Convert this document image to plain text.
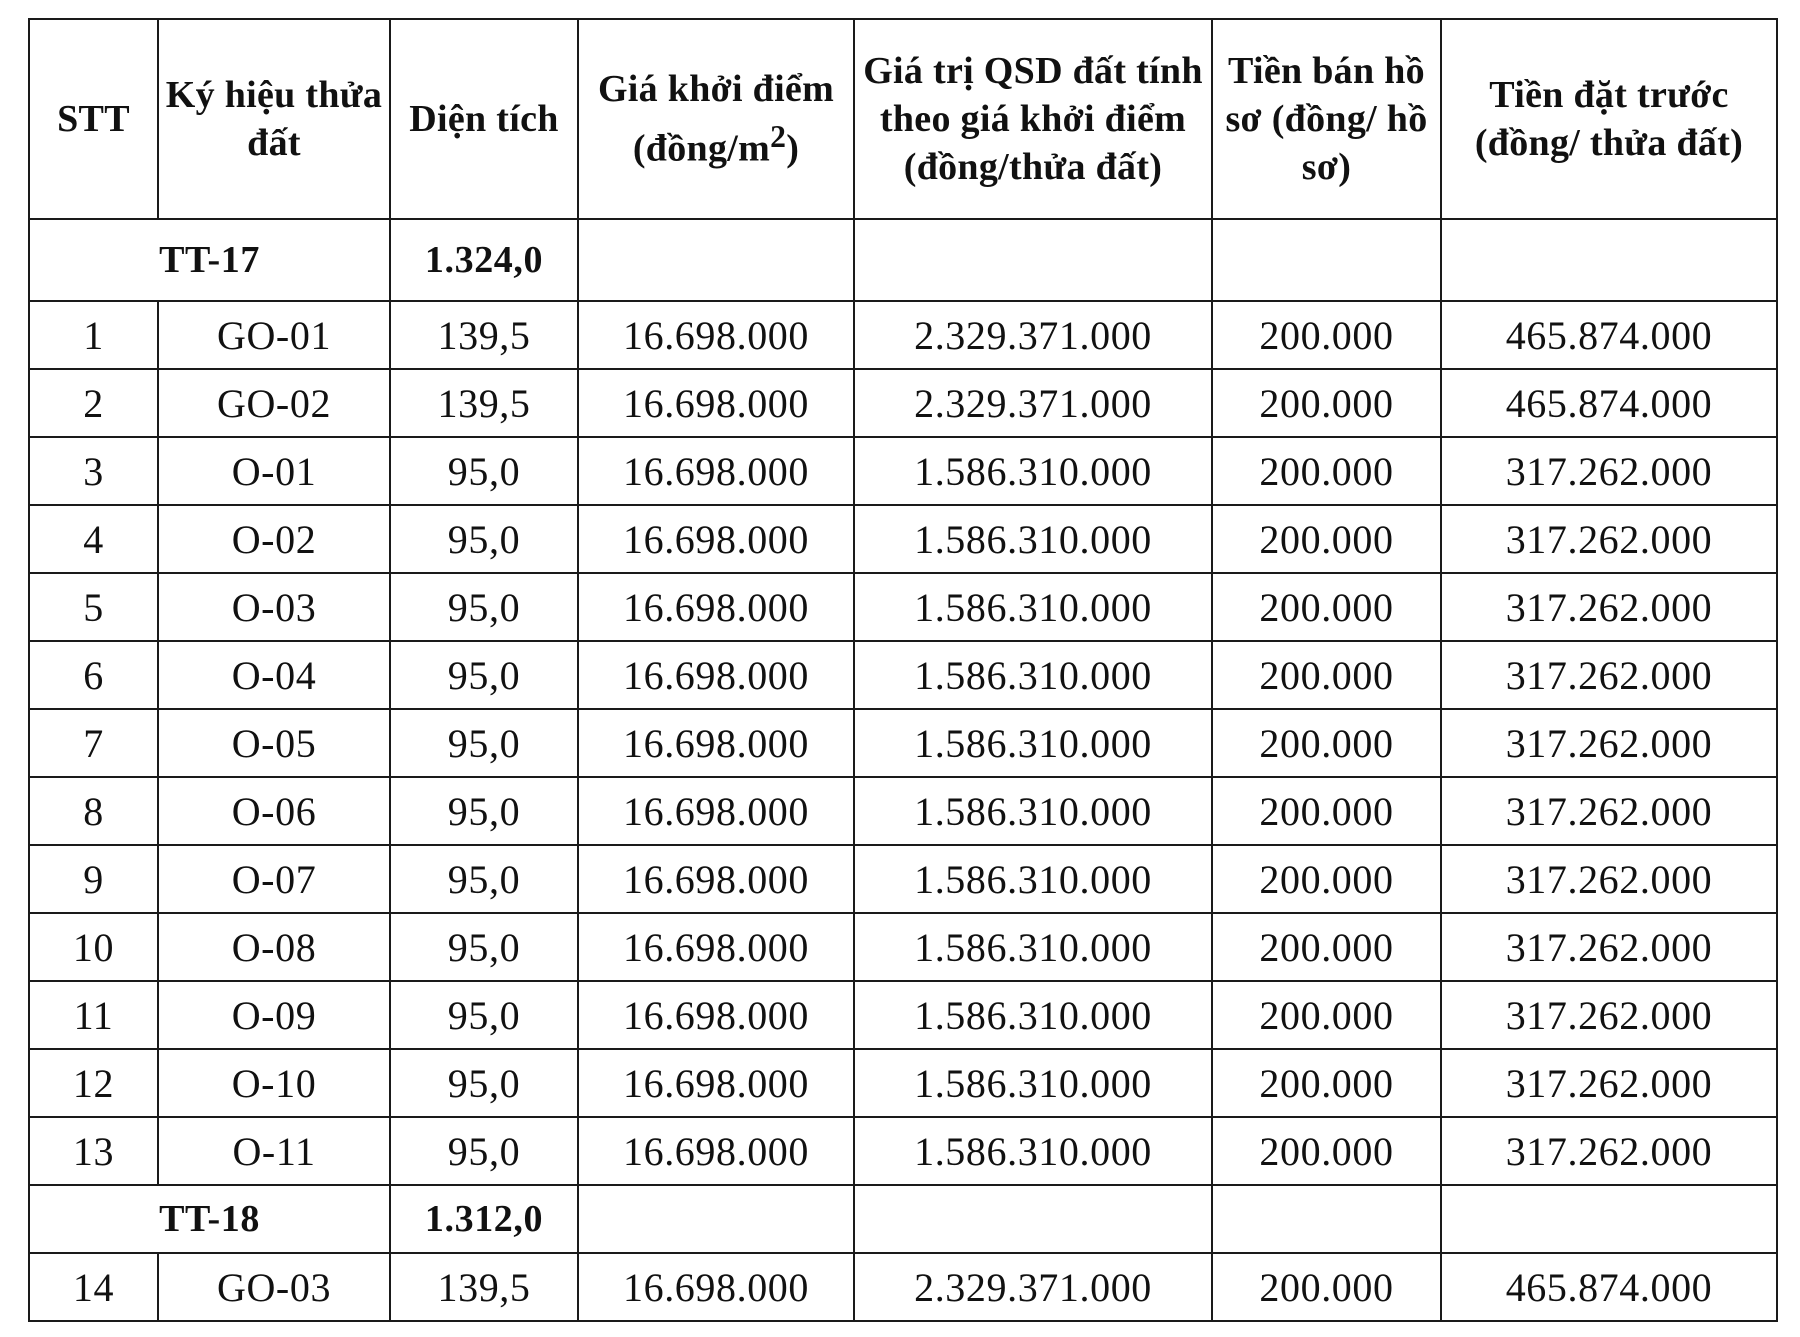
STT	Ký hiệu thửa đất	Diện tích	Giá khởi điểm $(đồng/m^2)$	Giá trị QSD đất tính theo giá khởi điểm (đồng/thửa đất)	Tiền bán hồ sơ (đồng/ hồ sơ)	Tiền đặt trước (đồng/ thửa đất)
TT-17		1.324,0				
1	GO-01	139,5	16.698.000	2.329.371.000	200.000	465.874.000
2	GO-02	139,5	16.698.000	2.329.371.000	200.000	465.874.000
3	O-01	95,0	16.698.000	1.586.310.000	200.000	317.262.000
4	O-02	95,0	16.698.000	1.586.310.000	200.000	317.262.000
5	O-03	95,0	16.698.000	1.586.310.000	200.000	317.262.000
6	O-04	95,0	16.698.000	1.586.310.000	200.000	317.262.000
7	O-05	95,0	16.698.000	1.586.310.000	200.000	317.262.000
8	O-06	95,0	16.698.000	1.586.310.000	200.000	317.262.000
9	O-07	95,0	16.698.000	1.586.310.000	200.000	317.262.000
10	O-08	95,0	16.698.000	1.586.310.000	200.000	317.262.000
11	O-09	95,0	16.698.000	1.586.310.000	200.000	317.262.000
12	O-10	95,0	16.698.000	1.586.310.000	200.000	317.262.000
13	O-11	95,0	16.698.000	1.586.310.000	200.000	317.262.000
TT-18		1.312,0				
14	GO-03	139,5	16.698.000	2.329.371.000	200.000	465.874.000
